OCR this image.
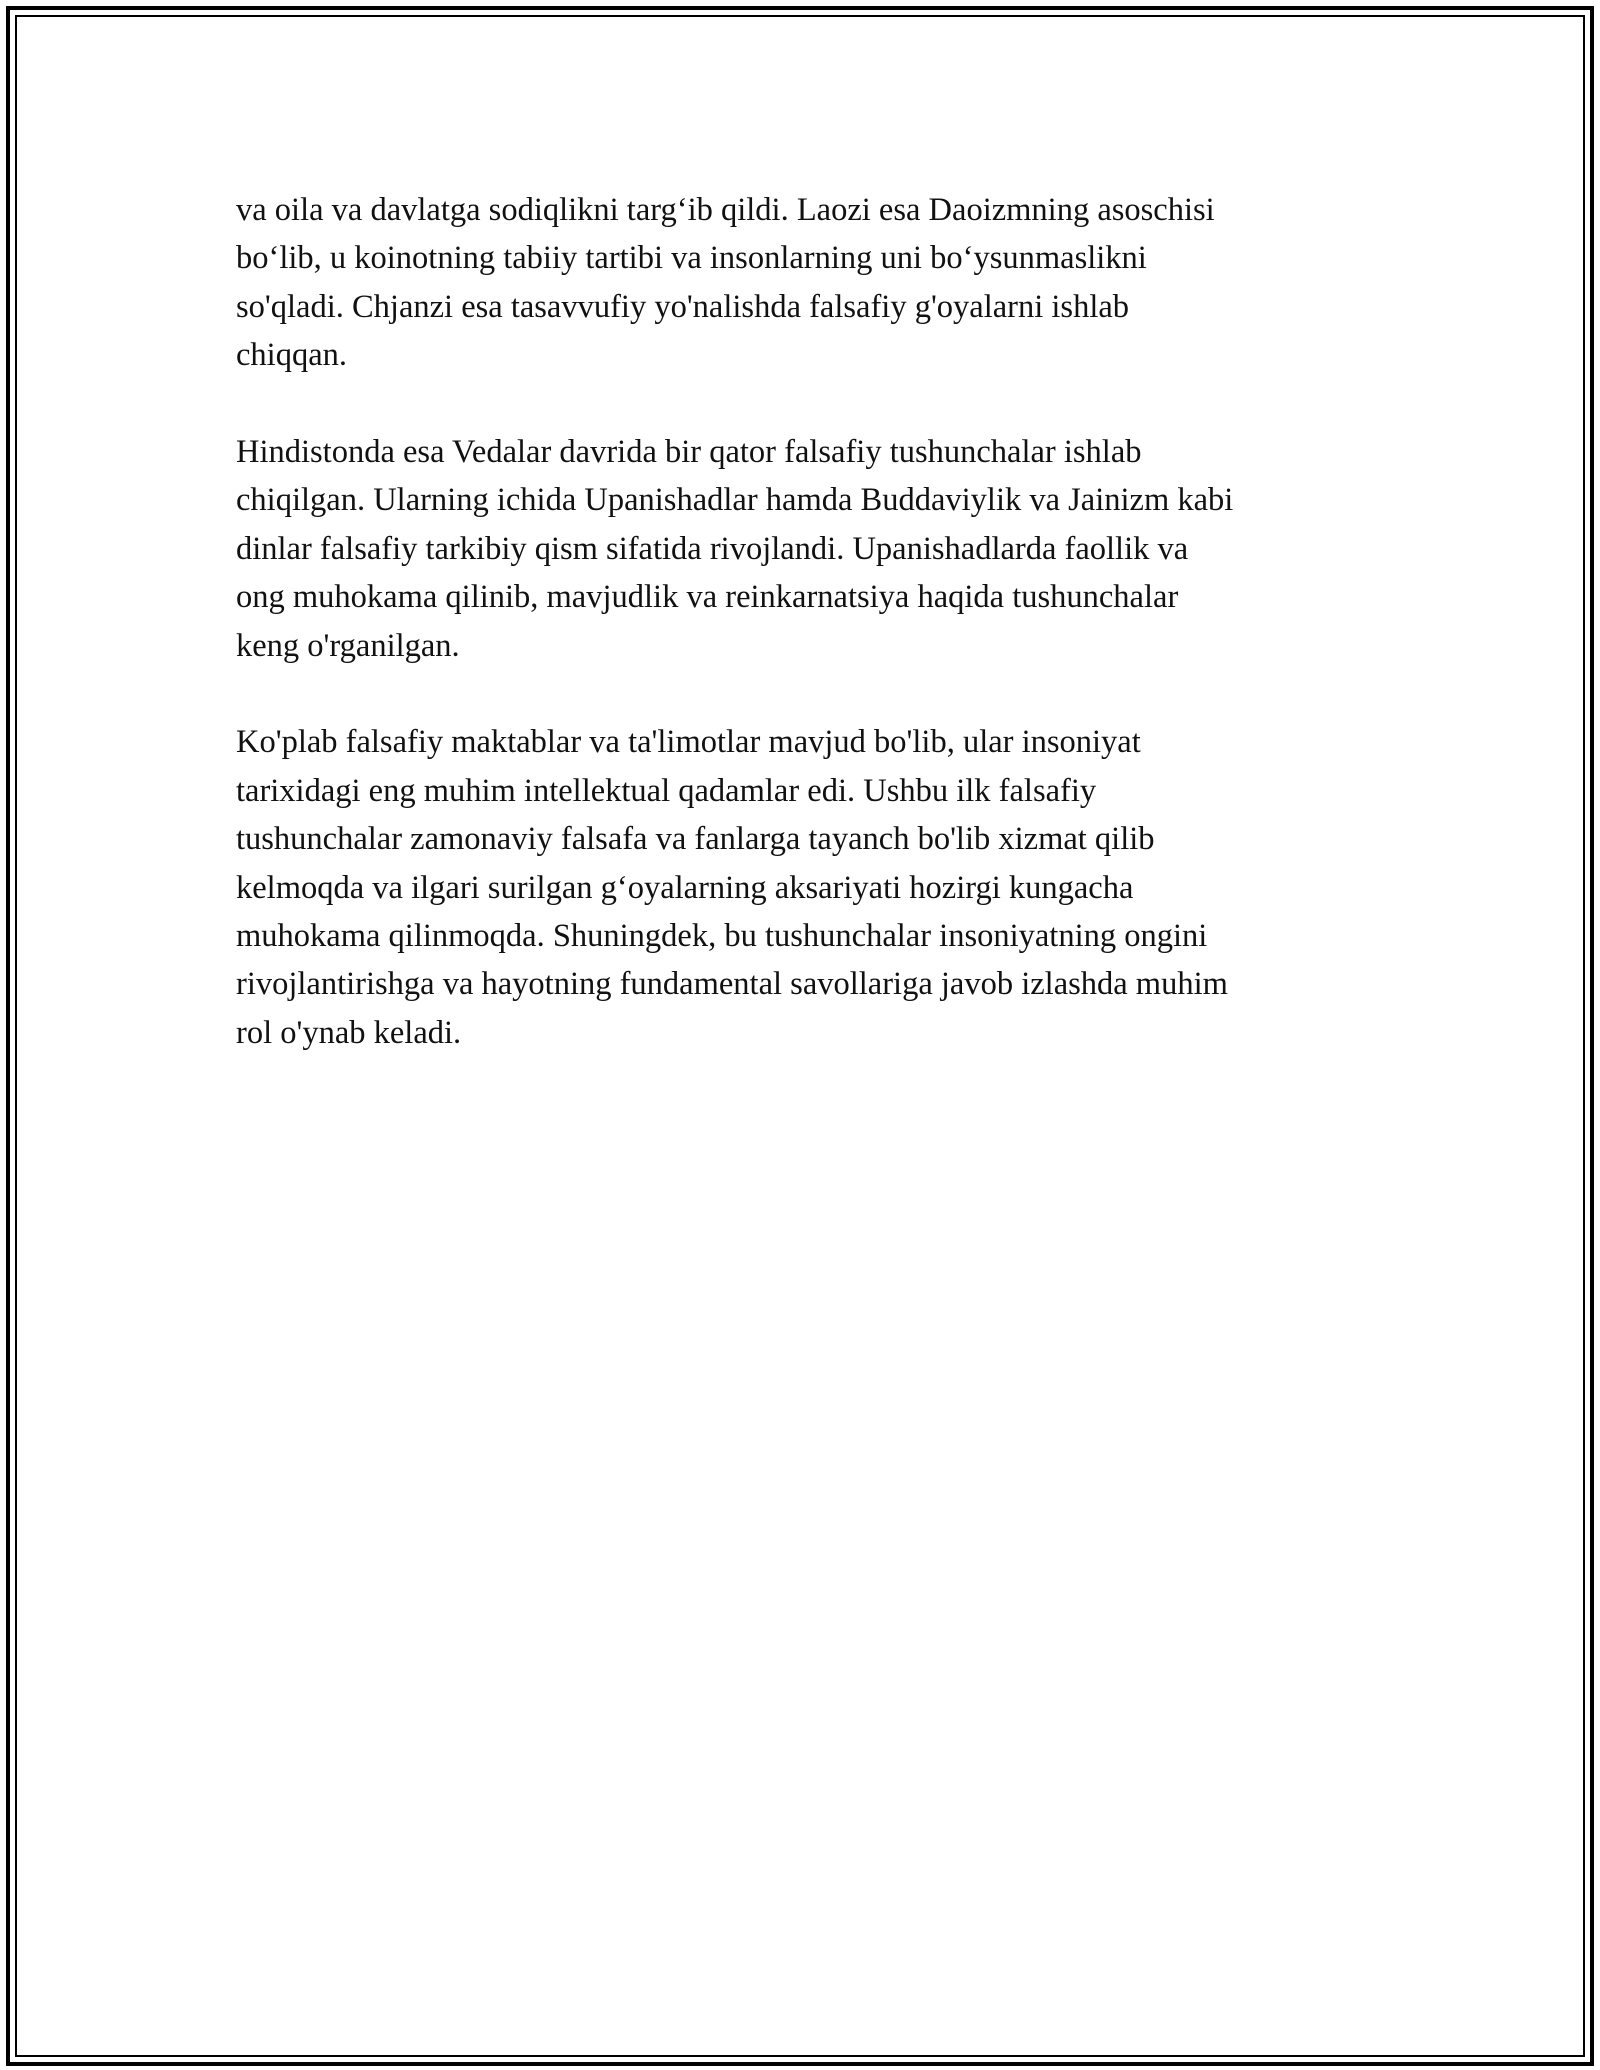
va oila va davlatga sodiqlikni targ‘ib qildi. Laozi esa Daoizmning asoschisi
bo‘lib, u koinotning tabiiy tartibi va insonlarning uni bo‘ysunmaslikni
so'qladi. Chjanzi esa tasavvufiy yo'nalishda falsafiy g'oyalarni ishlab
chiqqan.

Hindistonda esa Vedalar davrida bir qator falsafiy tushunchalar ishlab
chiqilgan. Ularning ichida Upanishadlar hamda Buddaviylik va Jainizm kabi
dinlar falsafiy tarkibiy qism sifatida rivojlandi. Upanishadlarda faollik va
ong muhokama qilinib, mavjudlik va reinkarnatsiya haqida tushunchalar
keng o'rganilgan.

Ko'plab falsafiy maktablar va ta'limotlar mavjud bo'lib, ular insoniyat
tarixidagi eng muhim intellektual qadamlar edi. Ushbu ilk falsafiy
tushunchalar zamonaviy falsafa va fanlarga tayanch bo'lib xizmat qilib
kelmoqda va ilgari surilgan g‘oyalarning aksariyati hozirgi kungacha
muhokama qilinmoqda. Shuningdek, bu tushunchalar insoniyatning ongini
rivojlantirishga va hayotning fundamental savollariga javob izlashda muhim
rol o'ynab keladi.
